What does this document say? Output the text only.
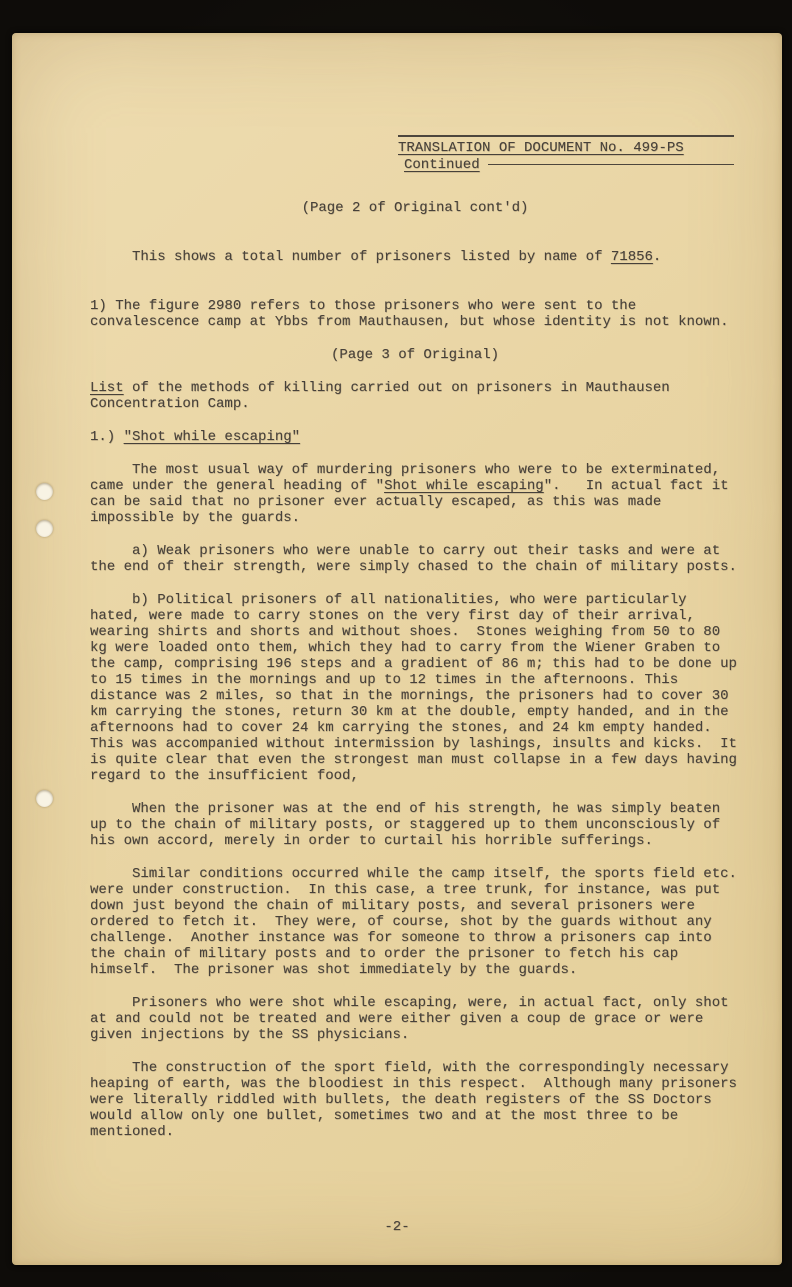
TRANSLATION OF DOCUMENT No. 499-PS
Continued

(Page 2 of Original cont'd)

This shows a total number of prisoners listed by name of 71856.

1) The figure 2980 refers to those prisoners who were sent to the convalescence camp at Ybbs from Mauthausen, but whose identity is not known.

(Page 3 of Original)

List of the methods of killing carried out on prisoners in Mauthausen Concentration Camp.

1.) "Shot while escaping"

The most usual way of murdering prisoners who were to be exterminated, came under the general heading of "Shot while escaping".   In actual fact it can be said that no prisoner ever actually escaped, as this was made impossible by the guards.

a) Weak prisoners who were unable to carry out their tasks and were at the end of their strength, were simply chased to the chain of military posts.

b) Political prisoners of all nationalities, who were particularly hated, were made to carry stones on the very first day of their arrival, wearing shirts and shorts and without shoes.  Stones weighing from 50 to 80 kg were loaded onto them, which they had to carry from the Wiener Graben to the camp, comprising 196 steps and a gradient of 86 m; this had to be done up to 15 times in the mornings and up to 12 times in the afternoons. This distance was 2 miles, so that in the mornings, the prisoners had to cover 30 km carrying the stones, return 30 km at the double, empty handed, and in the afternoons had to cover 24 km carrying the stones, and 24 km empty handed.  This was accompanied without intermission by lashings, insults and kicks.  It is quite clear that even the strongest man must collapse in a few days having regard to the insufficient food,

When the prisoner was at the end of his strength, he was simply beaten up to the chain of military posts, or staggered up to them unconsciously of his own accord, merely in order to curtail his horrible sufferings.

Similar conditions occurred while the camp itself, the sports field etc. were under construction.  In this case, a tree trunk, for instance, was put down just beyond the chain of military posts, and several prisoners were ordered to fetch it.  They were, of course, shot by the guards without any challenge.  Another instance was for someone to throw a prisoners cap into the chain of military posts and to order the prisoner to fetch his cap himself.  The prisoner was shot immediately by the guards.

Prisoners who were shot while escaping, were, in actual fact, only shot at and could not be treated and were either given a coup de grace or were given injections by the SS physicians.

The construction of the sport field, with the correspondingly necessary heaping of earth, was the bloodiest in this respect.  Although many prisoners were literally riddled with bullets, the death registers of the SS Doctors would allow only one bullet, sometimes two and at the most three to be mentioned.

-2-
